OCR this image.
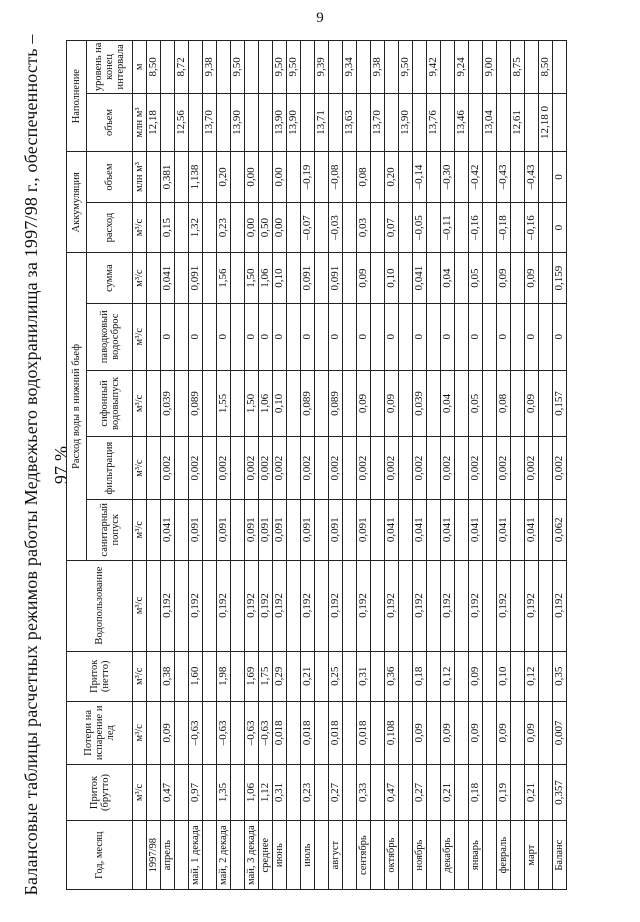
9
Балансовые таблицы расчетных режимов работы Медвежьего водохранилища за 1997/98 г., обеспеченность – 97 %
Год, месяц	Приток (брутто)	Потери на испарение и лед	Приток (нетто)	Водопользование	Расход воды в нижний бьеф					Аккумуляция		Наполнение	
					санитарный попуск	фильтрация	сифонный водовыпуск	паводковый водосброс	сумма	расход	объем	объем	уровень на конец интервала
	м³/с	м³/с	м³/с	м³/с	м³/с	м³/с	м³/с	м³/с	м³/с	м³/с	млн м³	млн м³	м
1997/98												12,18	8,50
апрель	0,47	0,09	0,38	0,192	0,041	0,002	0,039	0	0,041	0,15	0,381		
												12,56	8,72
май, 1 декада	0,97	–0,63	1,60	0,192	0,091	0,002	0,089	0	0,091	1,32	1,138		
												13,70	9,38
май, 2 декада	1,35	–0,63	1,98	0,192	0,091	0,002	1,55	0	1,56	0,23	0,20		
												13,90	9,50
май, 3 декада	1,06	–0,63	1,69	0,192	0,091	0,002	1,50	0	1,50	0,00	0,00		
среднее	1,12	–0,63	1,75	0,192	0,091	0,002	1,06	0	1,06	0,50			
июнь	0,31	0,018	0,29	0,192	0,091	0,002	0,10	0	0,10	0,00	0,00	13,90	9,50
												13,90	9,50
июль	0,23	0,018	0,21	0,192	0,091	0,002	0,089	0	0,091	–0,07	–0,19		
												13,71	9,39
август	0,27	0,018	0,25	0,192	0,091	0,002	0,089	0	0,091	–0,03	–0,08		
												13,63	9,34
сентябрь	0,33	0,018	0,31	0,192	0,091	0,002	0,09	0	0,09	0,03	0,08		
												13,70	9,38
октябрь	0,47	0,108	0,36	0,192	0,041	0,002	0,09	0	0,10	0,07	0,20		
												13,90	9,50
ноябрь	0,27	0,09	0,18	0,192	0,041	0,002	0,039	0	0,041	–0,05	–0,14		
												13,76	9,42
декабрь	0,21	0,09	0,12	0,192	0,041	0,002	0,04	0	0,04	–0,11	–0,30		
												13,46	9,24
январь	0,18	0,09	0,09	0,192	0,041	0,002	0,05	0	0,05	–0,16	–0,42		
												13,04	9,00
февраль	0,19	0,09	0,10	0,192	0,041	0,002	0,08	0	0,09	–0,18	–0,43		
												12,61	8,75
март	0,21	0,09	0,12	0,192	0,041	0,002	0,09	0	0,09	–0,16	–0,43		
												12,18 0	8,50
Баланс	0,357	0,007	0,35	0,192	0,062	0,002	0,157	0	0,159	0	0		
